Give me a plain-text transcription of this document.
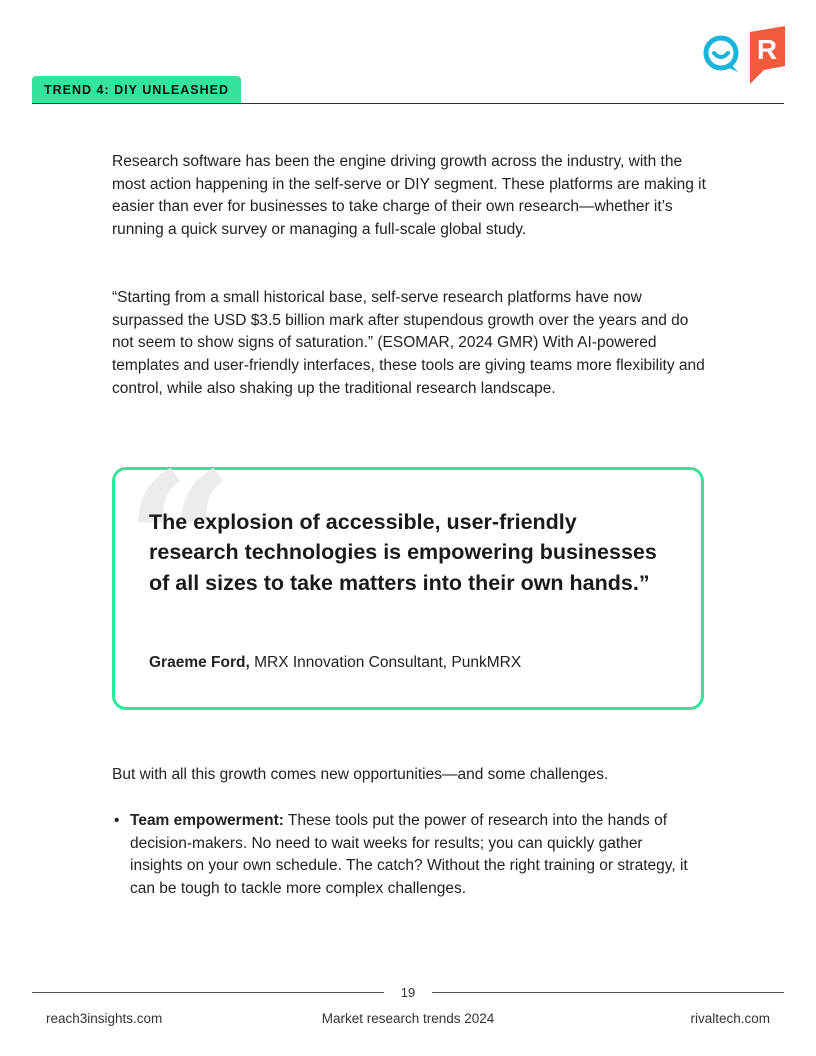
TREND 4: DIY UNLEASHED
R

Research software has been the engine driving growth across the industry, with the most action happening in the self-serve or DIY segment. These platforms are making it easier than ever for businesses to take charge of their own research—whether it’s running a quick survey or managing a full-scale global study.

“Starting from a small historical base, self-serve research platforms have now surpassed the USD $3.5 billion mark after stupendous growth over the years and do not seem to show signs of saturation.” (ESOMAR, 2024 GMR) With AI-powered templates and user-friendly interfaces, these tools are giving teams more flexibility and control, while also shaking up the traditional research landscape.

“
The explosion of accessible, user-friendly research technologies is empowering businesses of all sizes to take matters into their own hands.”
Graeme Ford, MRX Innovation Consultant, PunkMRX

But with all this growth comes new opportunities—and some challenges.

• Team empowerment: These tools put the power of research into the hands of decision-makers. No need to wait weeks for results; you can quickly gather insights on your own schedule. The catch? Without the right training or strategy, it can be tough to tackle more complex challenges.
19
reach3insights.com	Market research trends 2024	rivaltech.com
